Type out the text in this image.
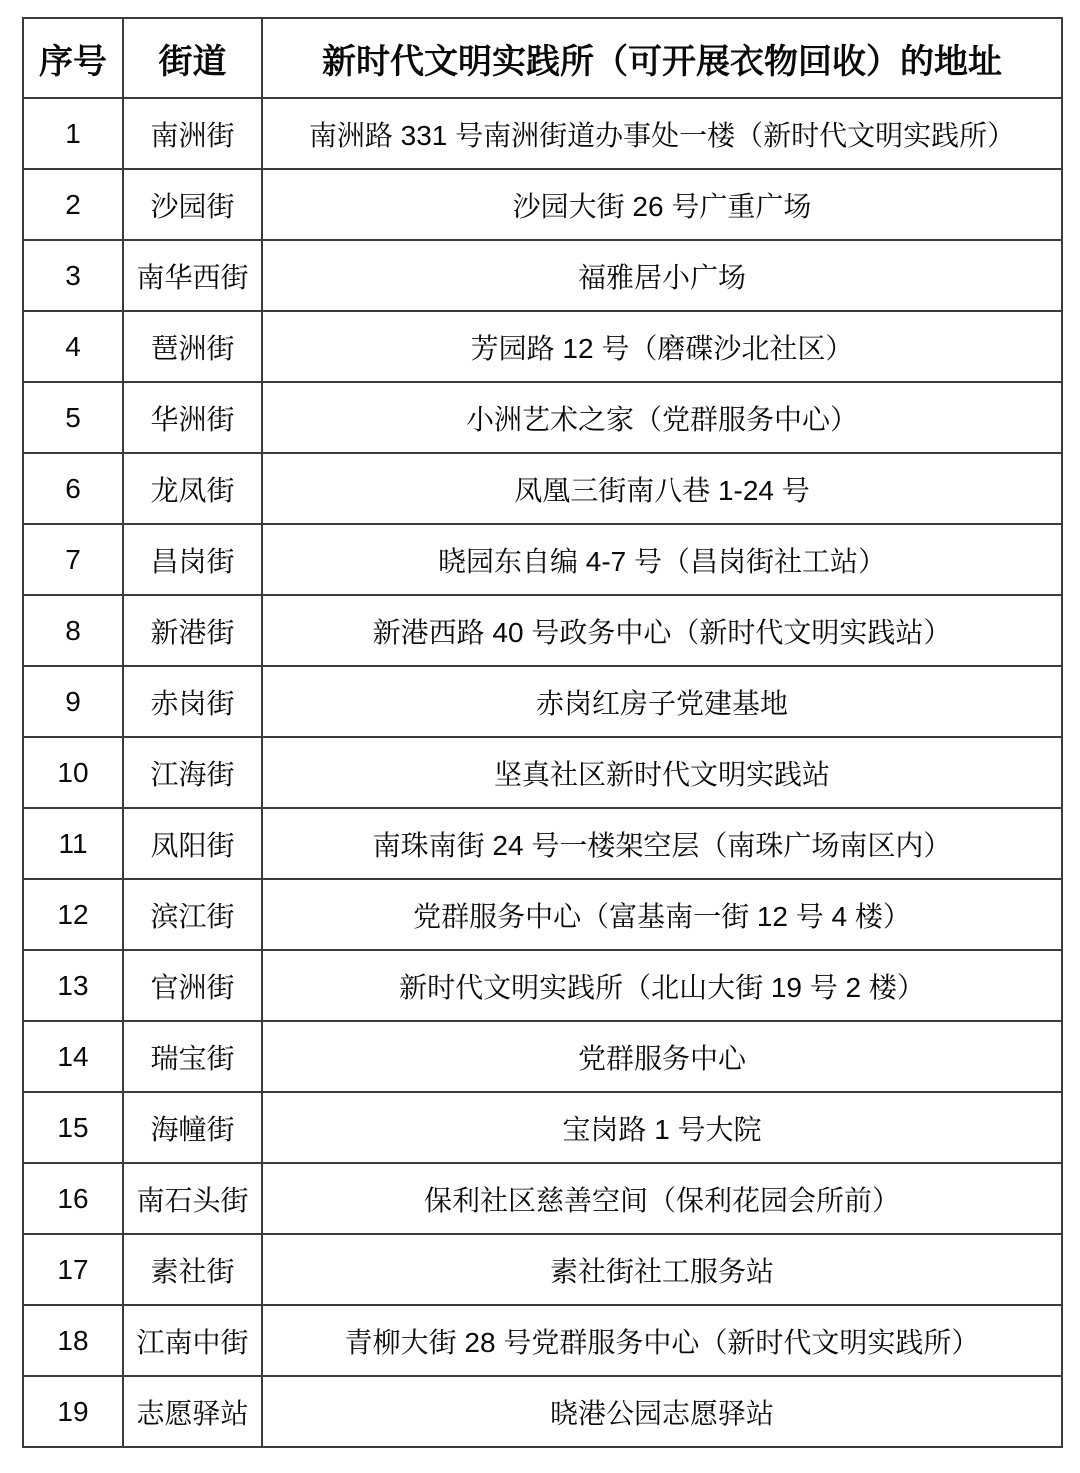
序号	街道	新时代文明实践所（可开展衣物回收）的地址
1	南洲街	南洲路 331 号南洲街道办事处一楼（新时代文明实践所）
2	沙园街	沙园大街 26 号广重广场
3	南华西街	福雅居小广场
4	琶洲街	芳园路 12 号（磨碟沙北社区）
5	华洲街	小洲艺术之家（党群服务中心）
6	龙凤街	凤凰三街南八巷 1-24 号
7	昌岗街	晓园东自编 4-7 号（昌岗街社工站）
8	新港街	新港西路 40 号政务中心（新时代文明实践站）
9	赤岗街	赤岗红房子党建基地
10	江海街	坚真社区新时代文明实践站
11	凤阳街	南珠南街 24 号一楼架空层（南珠广场南区内）
12	滨江街	党群服务中心（富基南一街 12 号 4 楼）
13	官洲街	新时代文明实践所（北山大街 19 号 2 楼）
14	瑞宝街	党群服务中心
15	海幢街	宝岗路 1 号大院
16	南石头街	保利社区慈善空间（保利花园会所前）
17	素社街	素社街社工服务站
18	江南中街	青柳大街 28 号党群服务中心（新时代文明实践所）
19	志愿驿站	晓港公园志愿驿站
